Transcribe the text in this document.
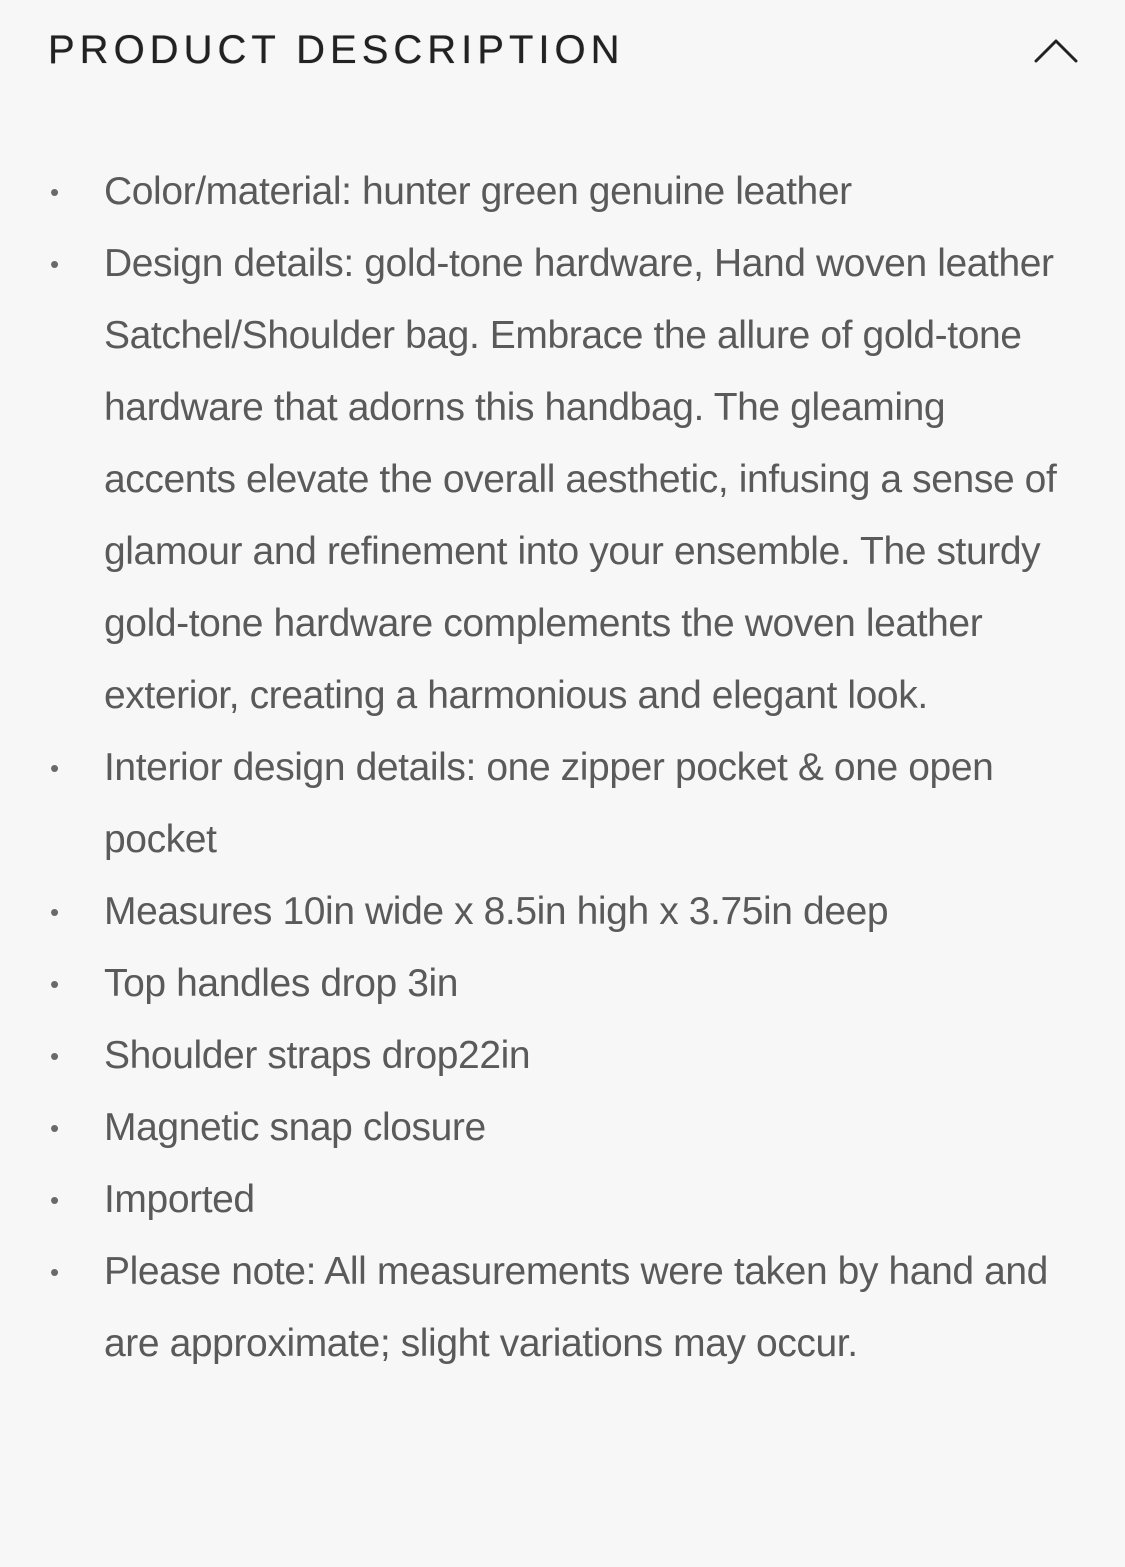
PRODUCT DESCRIPTION
• Color/material: hunter green genuine leather
• Design details: gold-tone hardware, Hand woven leather Satchel/Shoulder bag. Embrace the allure of gold-tone hardware that adorns this handbag. The gleaming accents elevate the overall aesthetic, infusing a sense of glamour and refinement into your ensemble. The sturdy gold-tone hardware complements the woven leather exterior, creating a harmonious and elegant look.
• Interior design details: one zipper pocket & one open pocket
• Measures 10in wide x 8.5in high x 3.75in deep
• Top handles drop 3in
• Shoulder straps drop22in
• Magnetic snap closure
• Imported
• Please note: All measurements were taken by hand and are approximate; slight variations may occur.
